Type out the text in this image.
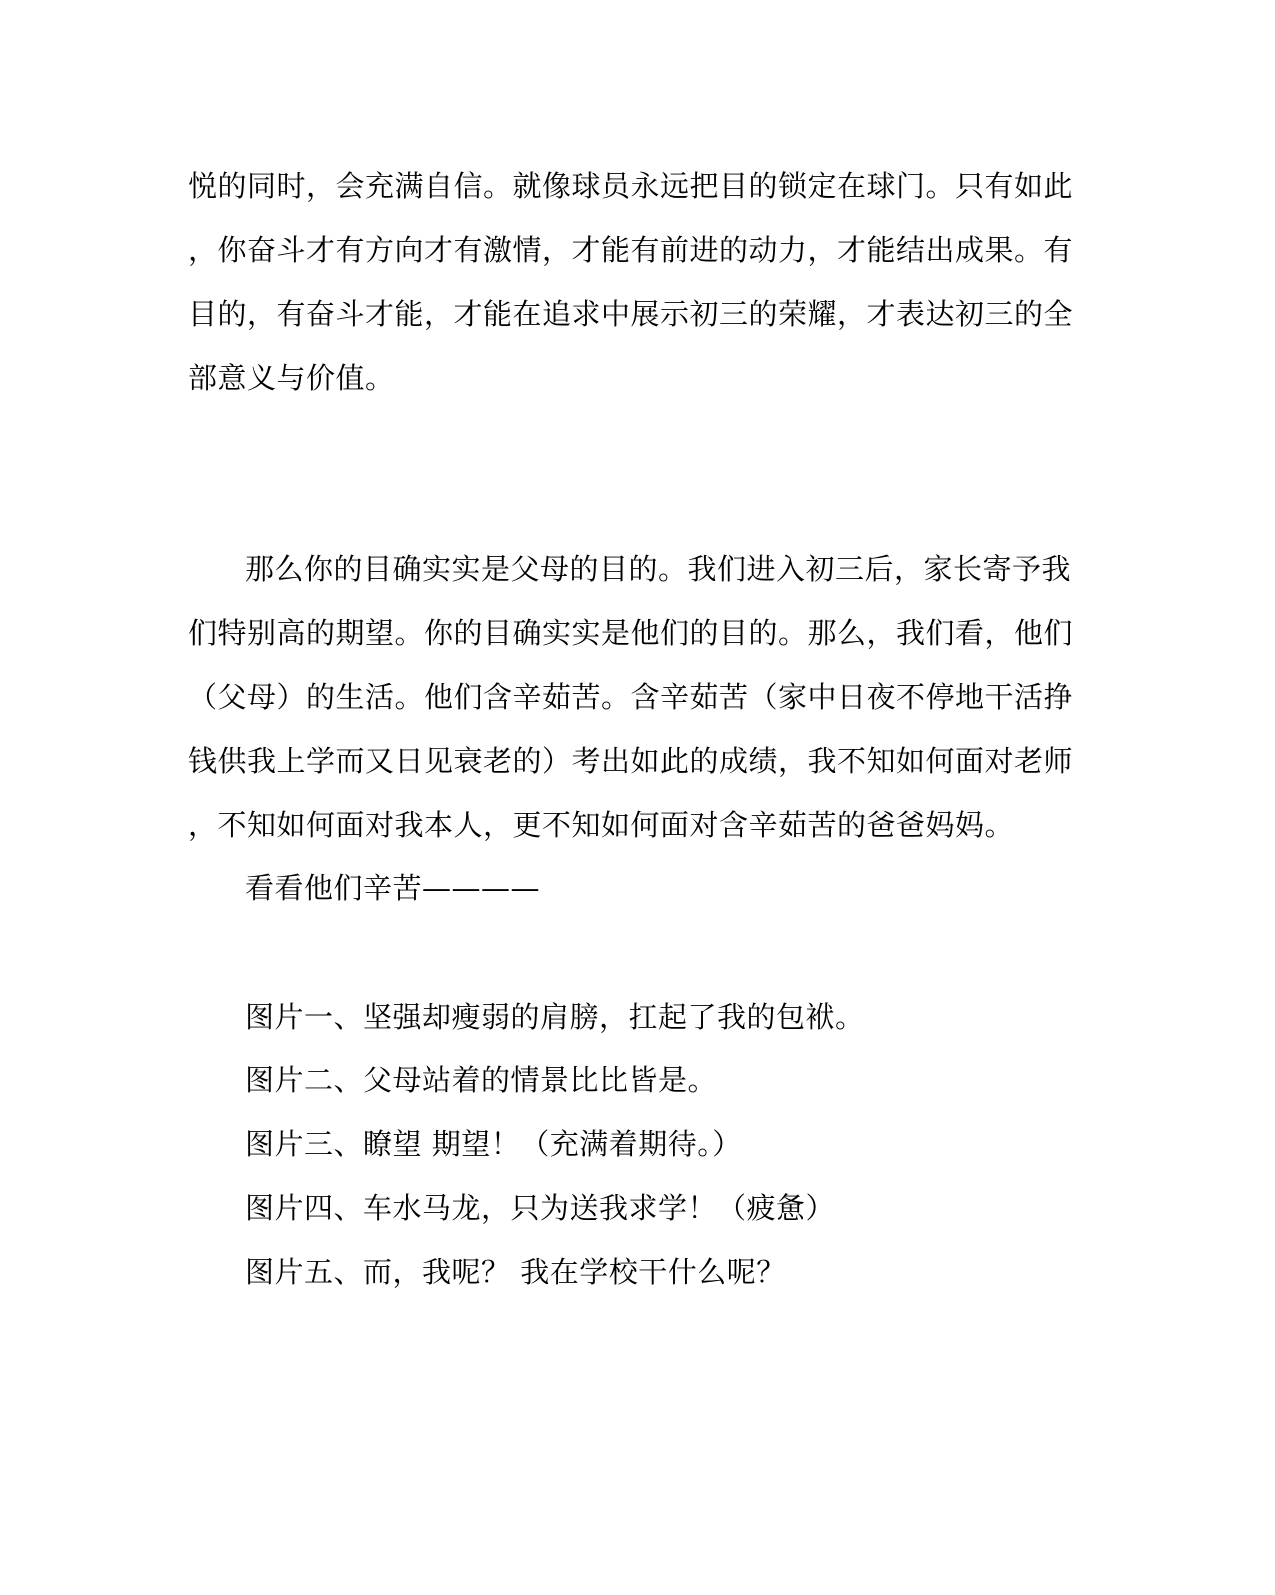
悦的同时，会充满自信。就像球员永远把目的锁定在球门。只有如此
，你奋斗才有方向才有激情，才能有前进的动力，才能结出成果。有
目的，有奋斗才能，才能在追求中展示初三的荣耀，才表达初三的全
部意义与价值。
那么你的目确实实是父母的目的。我们进入初三后，家长寄予我
们特别高的期望。你的目确实实是他们的目的。那么，我们看，他们
（父母）的生活。他们含辛茹苦。含辛茹苦（家中日夜不停地干活挣
钱供我上学而又日见衰老的）考出如此的成绩，我不知如何面对老师
，不知如何面对我本人，更不知如何面对含辛茹苦的爸爸妈妈。
看看他们辛苦————
图片一、坚强却瘦弱的肩膀，扛起了我的包袱。
图片二、父母站着的情景比比皆是。
图片三、瞭望 期望！（充满着期待。）
图片四、车水马龙，只为送我求学！（疲惫）
图片五、而，我呢？ 我在学校干什么呢？
